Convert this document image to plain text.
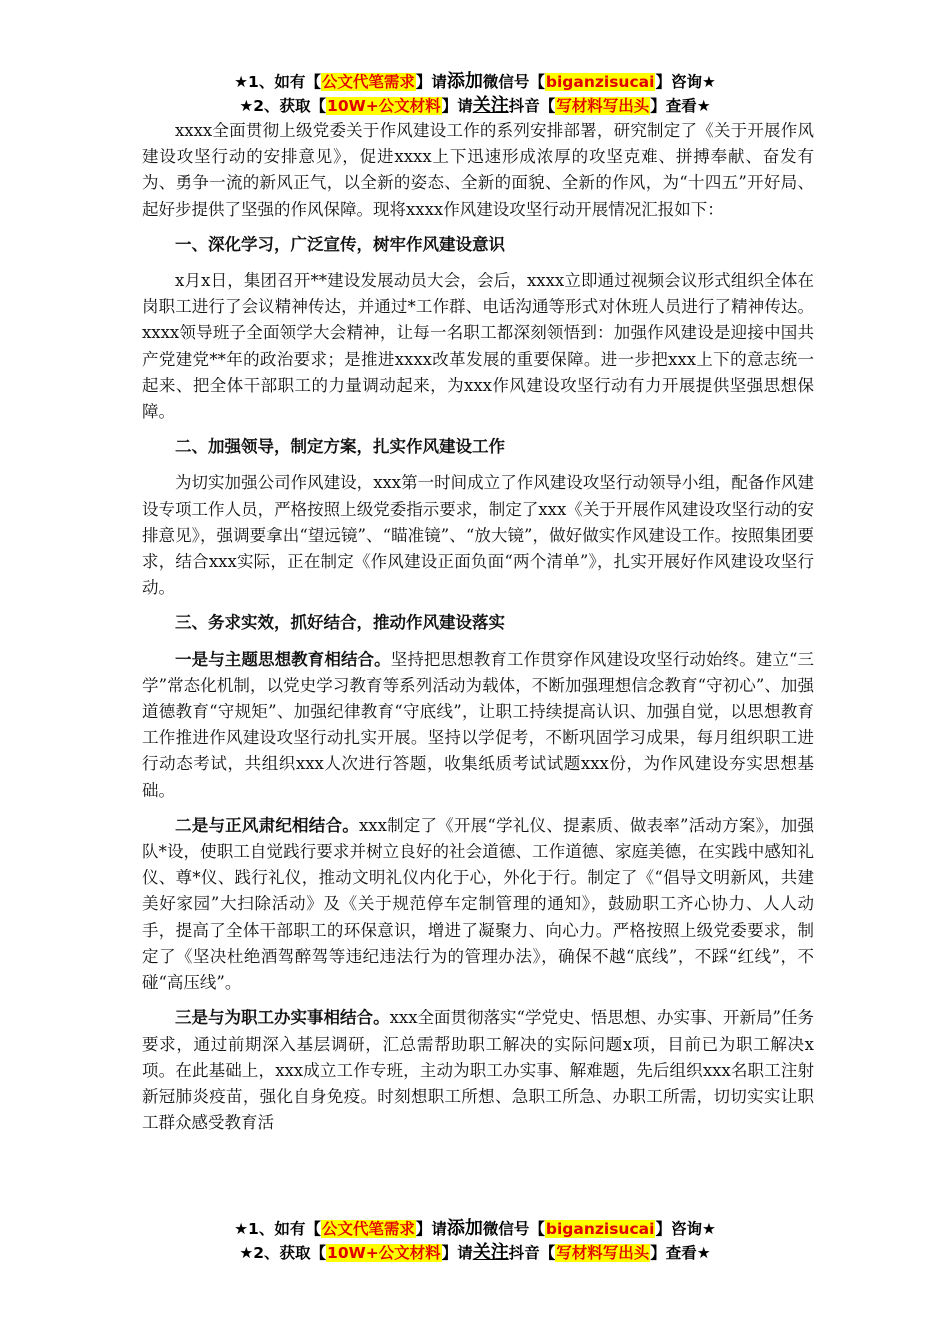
★1、如有【公文代笔需求】请添加微信号【biganzisucai】咨询★
★2、获取【10W+公文材料】请关注抖音【写材料写出头】查看★

xxxx全面贯彻上级党委关于作风建设工作的系列安排部署，研究制定了《关于开展作风建设攻坚行动的安排意见》，促进xxxx上下迅速形成浓厚的攻坚克难、拼搏奉献、奋发有为、勇争一流的新风正气，以全新的姿态、全新的面貌、全新的作风，为“十四五”开好局、起好步提供了坚强的作风保障。现将xxxx作风建设攻坚行动开展情况汇报如下：

一、深化学习，广泛宣传，树牢作风建设意识

x月x日，集团召开**建设发展动员大会，会后，xxxx立即通过视频会议形式组织全体在岗职工进行了会议精神传达，并通过*工作群、电话沟通等形式对休班人员进行了精神传达。xxxx领导班子全面领学大会精神，让每一名职工都深刻领悟到：加强作风建设是迎接中国共产党建党**年的政治要求；是推进xxxx改革发展的重要保障。进一步把xxx上下的意志统一起来、把全体干部职工的力量调动起来，为xxx作风建设攻坚行动有力开展提供坚强思想保障。

二、加强领导，制定方案，扎实作风建设工作

为切实加强公司作风建设，xxx第一时间成立了作风建设攻坚行动领导小组，配备作风建设专项工作人员，严格按照上级党委指示要求，制定了xxx《关于开展作风建设攻坚行动的安排意见》，强调要拿出“望远镜”、“瞄准镜”、“放大镜”，做好做实作风建设工作。按照集团要求，结合xxx实际，正在制定《作风建设正面负面“两个清单”》，扎实开展好作风建设攻坚行动。

三、务求实效，抓好结合，推动作风建设落实

一是与主题思想教育相结合。坚持把思想教育工作贯穿作风建设攻坚行动始终。建立“三学”常态化机制，以党史学习教育等系列活动为载体，不断加强理想信念教育“守初心”、加强道德教育“守规矩”、加强纪律教育“守底线”，让职工持续提高认识、加强自觉，以思想教育工作推进作风建设攻坚行动扎实开展。坚持以学促考，不断巩固学习成果，每月组织职工进行动态考试，共组织xxx人次进行答题，收集纸质考试试题xxx份，为作风建设夯实思想基础。

二是与正风肃纪相结合。xxx制定了《开展“学礼仪、提素质、做表率”活动方案》，加强队*设，使职工自觉践行要求并树立良好的社会道德、工作道德、家庭美德，在实践中感知礼仪、尊*仪、践行礼仪，推动文明礼仪内化于心，外化于行。制定了《“倡导文明新风，共建美好家园”大扫除活动》及《关于规范停车定制管理的通知》，鼓励职工齐心协力、人人动手，提高了全体干部职工的环保意识，增进了凝聚力、向心力。严格按照上级党委要求，制定了《坚决杜绝酒驾醉驾等违纪违法行为的管理办法》，确保不越“底线”，不踩“红线”，不碰“高压线”。

三是与为职工办实事相结合。xxx全面贯彻落实“学党史、悟思想、办实事、开新局”任务要求，通过前期深入基层调研，汇总需帮助职工解决的实际问题x项，目前已为职工解决x项。在此基础上，xxx成立工作专班，主动为职工办实事、解难题，先后组织xxx名职工注射新冠肺炎疫苗，强化自身免疫。时刻想职工所想、急职工所急、办职工所需，切切实实让职工群众感受教育活

★1、如有【公文代笔需求】请添加微信号【biganzisucai】咨询★
★2、获取【10W+公文材料】请关注抖音【写材料写出头】查看★
